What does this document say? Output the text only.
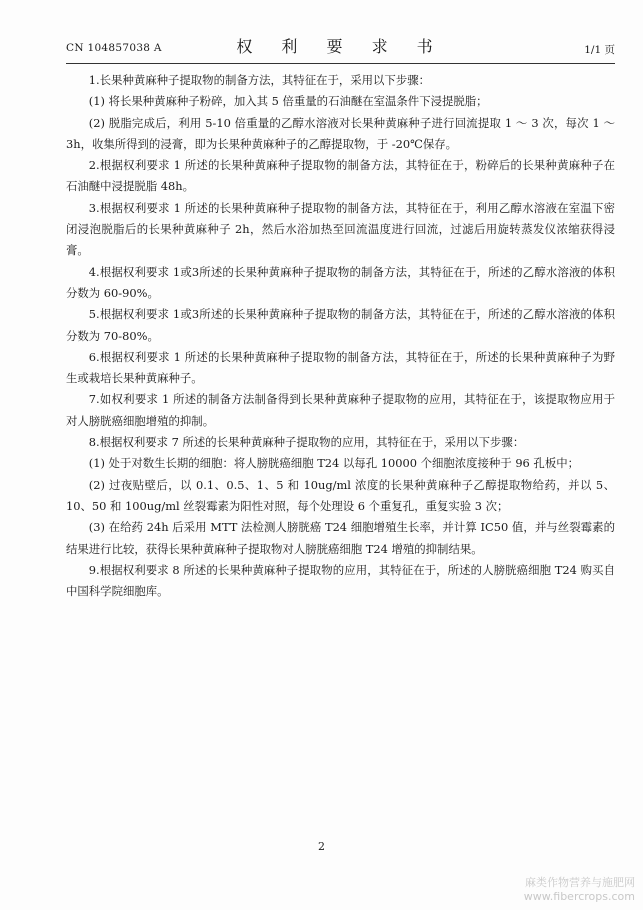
CN 104857038 A	权 利 要 求 书	1/1 页

1.长果种黄麻种子提取物的制备方法，其特征在于，采用以下步骤：

(1) 将长果种黄麻种子粉碎，加入其 5 倍重量的石油醚在室温条件下浸提脱脂；

(2) 脱脂完成后，利用 5-10 倍重量的乙醇水溶液对长果种黄麻种子进行回流提取 1 ～ 3 次，每次 1 ～ 3h，收集所得到的浸膏，即为长果种黄麻种子的乙醇提取物，于 -20℃保存。

2.根据权利要求 1 所述的长果种黄麻种子提取物的制备方法，其特征在于，粉碎后的长果种黄麻种子在石油醚中浸提脱脂 48h。

3.根据权利要求 1 所述的长果种黄麻种子提取物的制备方法，其特征在于，利用乙醇水溶液在室温下密闭浸泡脱脂后的长果种黄麻种子 2h，然后水浴加热至回流温度进行回流，过滤后用旋转蒸发仪浓缩获得浸膏。

4.根据权利要求 1或3所述的长果种黄麻种子提取物的制备方法，其特征在于，所述的乙醇水溶液的体积分数为 60-90%。

5.根据权利要求 1或3所述的长果种黄麻种子提取物的制备方法，其特征在于，所述的乙醇水溶液的体积分数为 70-80%。

6.根据权利要求 1 所述的长果种黄麻种子提取物的制备方法，其特征在于，所述的长果种黄麻种子为野生或栽培长果种黄麻种子。

7.如权利要求 1 所述的制备方法制备得到长果种黄麻种子提取物的应用，其特征在于，该提取物应用于对人膀胱癌细胞增殖的抑制。

8.根据权利要求 7 所述的长果种黄麻种子提取物的应用，其特征在于，采用以下步骤：

(1) 处于对数生长期的细胞：将人膀胱癌细胞 T24 以每孔 10000 个细胞浓度接种于 96 孔板中；

(2) 过夜贴壁后，以 0.1、0.5、1、5 和 10ug/ml 浓度的长果种黄麻种子乙醇提取物给药，并以 5、10、50 和 100ug/ml 丝裂霉素为阳性对照，每个处理设 6 个重复孔，重复实验 3 次；

(3) 在给药 24h 后采用 MTT 法检测人膀胱癌 T24 细胞增殖生长率，并计算 IC50 值，并与丝裂霉素的结果进行比较，获得长果种黄麻种子提取物对人膀胱癌细胞 T24 增殖的抑制结果。

9.根据权利要求 8 所述的长果种黄麻种子提取物的应用，其特征在于，所述的人膀胱癌细胞 T24 购买自中国科学院细胞库。

2
麻类作物营养与施肥网
www.fibercrops.com
